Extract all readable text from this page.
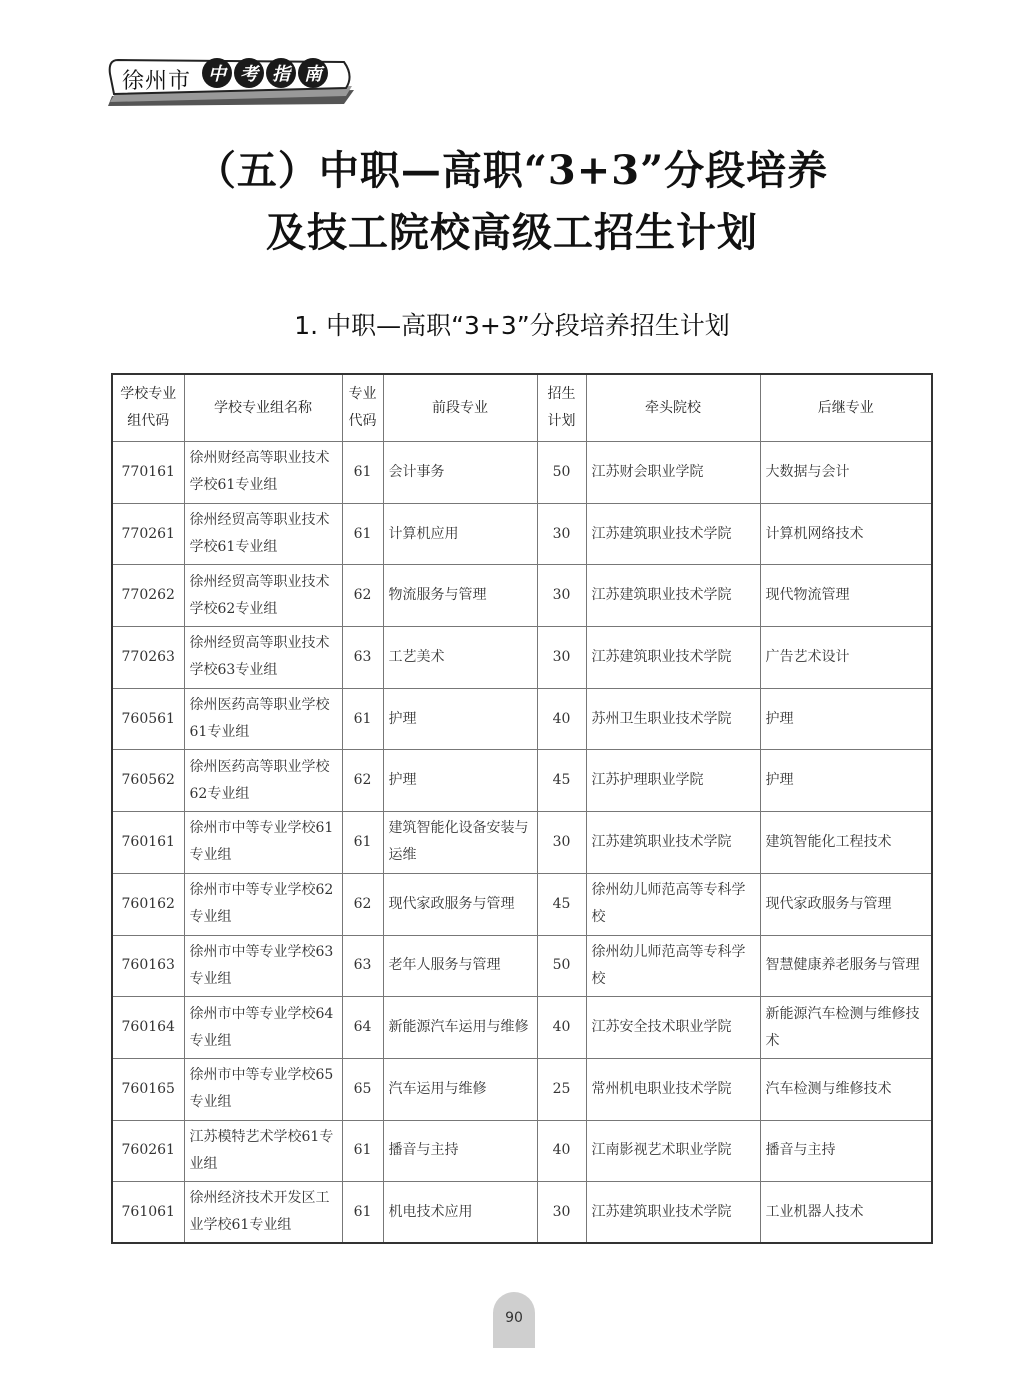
徐州市 中 考 指 南
（五）中职—高职“3+3”分段培养
及技工院校高级工招生计划
1. 中职—高职“3+3”分段培养招生计划
学校专业组代码	学校专业组名称	专业代码	前段专业	招生计划	牵头院校	后继专业
770161	徐州财经高等职业技术学校61专业组	61	会计事务	50	江苏财会职业学院	大数据与会计
770261	徐州经贸高等职业技术学校61专业组	61	计算机应用	30	江苏建筑职业技术学院	计算机网络技术
770262	徐州经贸高等职业技术学校62专业组	62	物流服务与管理	30	江苏建筑职业技术学院	现代物流管理
770263	徐州经贸高等职业技术学校63专业组	63	工艺美术	30	江苏建筑职业技术学院	广告艺术设计
760561	徐州医药高等职业学校61专业组	61	护理	40	苏州卫生职业技术学院	护理
760562	徐州医药高等职业学校62专业组	62	护理	45	江苏护理职业学院	护理
760161	徐州市中等专业学校61专业组	61	建筑智能化设备安装与运维	30	江苏建筑职业技术学院	建筑智能化工程技术
760162	徐州市中等专业学校62专业组	62	现代家政服务与管理	45	徐州幼儿师范高等专科学校	现代家政服务与管理
760163	徐州市中等专业学校63专业组	63	老年人服务与管理	50	徐州幼儿师范高等专科学校	智慧健康养老服务与管理
760164	徐州市中等专业学校64专业组	64	新能源汽车运用与维修	40	江苏安全技术职业学院	新能源汽车检测与维修技术
760165	徐州市中等专业学校65专业组	65	汽车运用与维修	25	常州机电职业技术学院	汽车检测与维修技术
760261	江苏模特艺术学校61专业组	61	播音与主持	40	江南影视艺术职业学院	播音与主持
761061	徐州经济技术开发区工业学校61专业组	61	机电技术应用	30	江苏建筑职业技术学院	工业机器人技术
90
